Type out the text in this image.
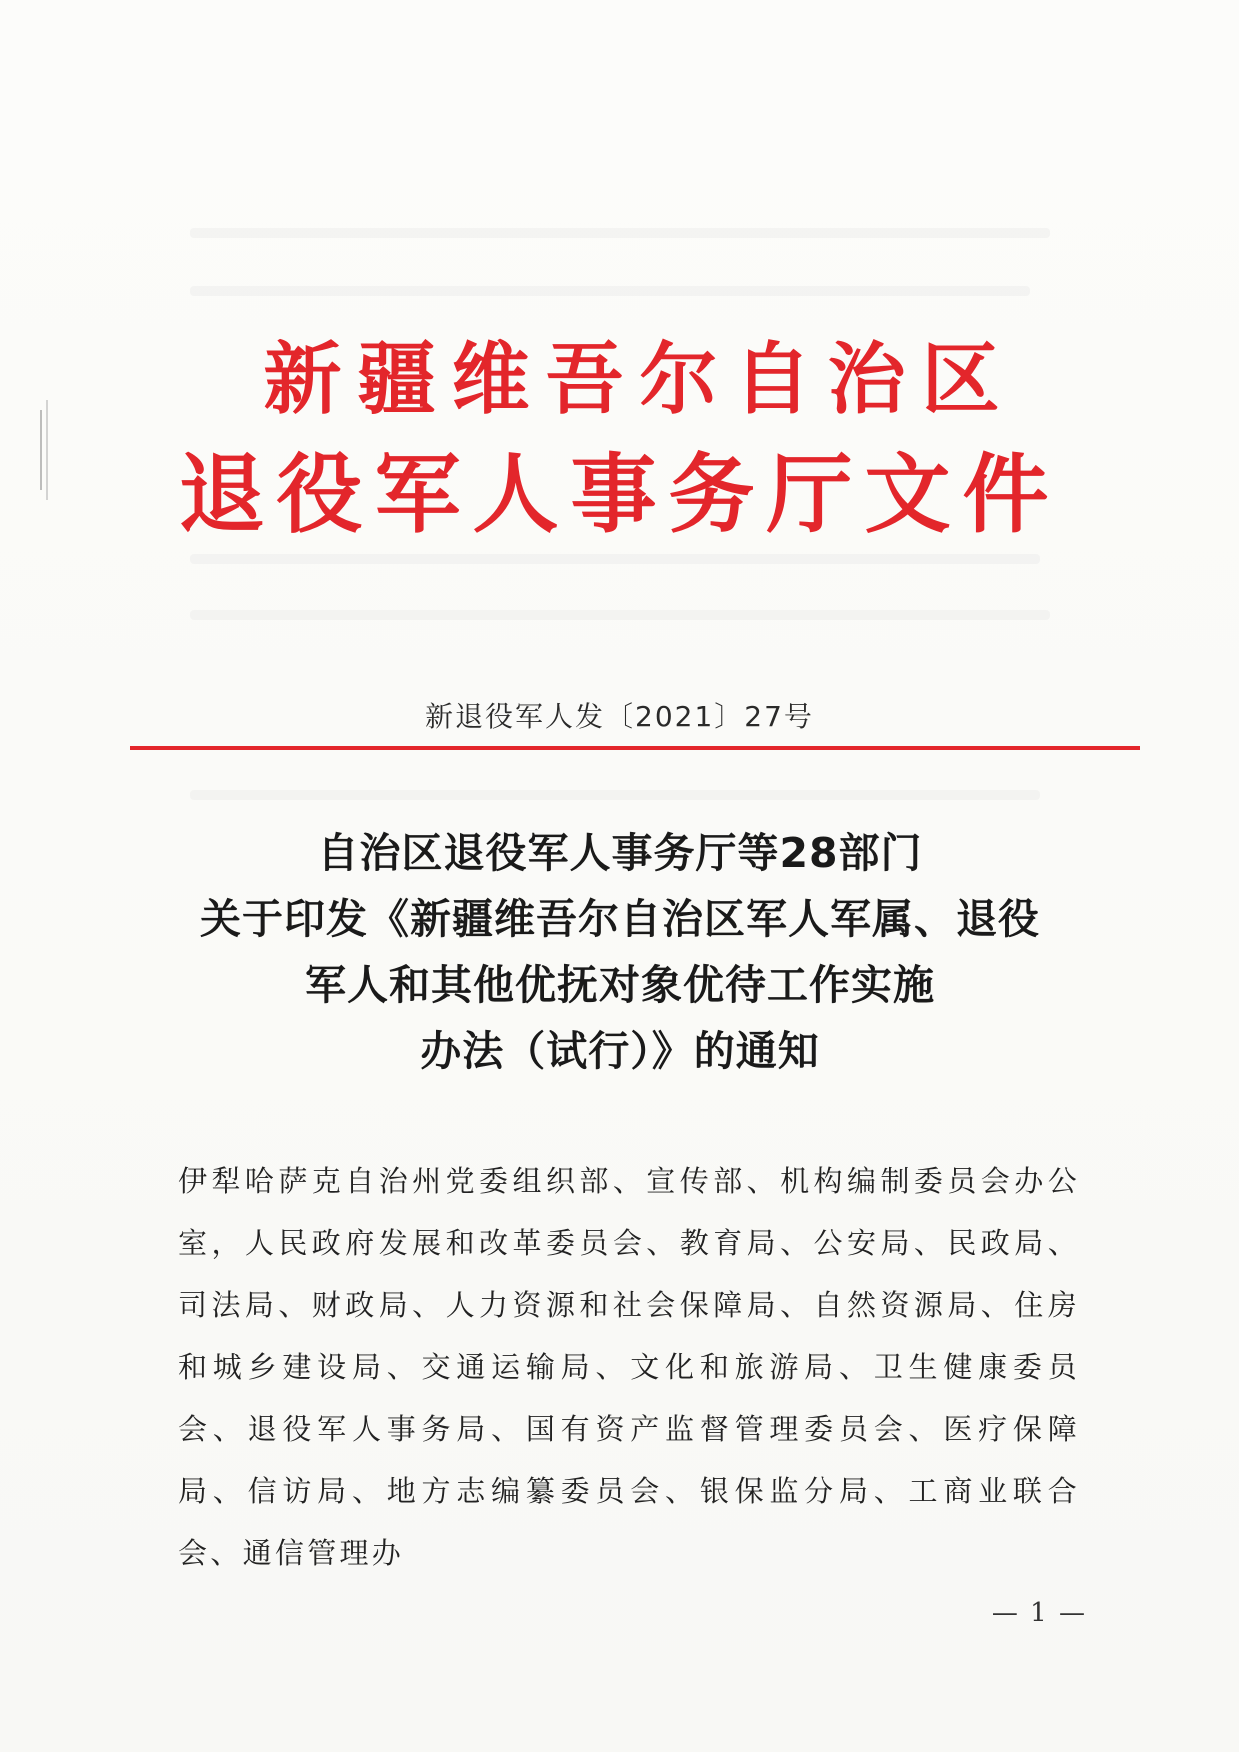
新疆维吾尔自治区
退役军人事务厅文件
新退役军人发〔2021〕27号
自治区退役军人事务厅等28部门
关于印发《新疆维吾尔自治区军人军属、退役
军人和其他优抚对象优待工作实施
办法（试行）》的通知
伊犁哈萨克自治州党委组织部、宣传部、机构编制委员会办公室，人民政府发展和改革委员会、教育局、公安局、民政局、司法局、财政局、人力资源和社会保障局、自然资源局、住房和城乡建设局、交通运输局、文化和旅游局、卫生健康委员会、退役军人事务局、国有资产监督管理委员会、医疗保障局、信访局、地方志编纂委员会、银保监分局、工商业联合会、通信管理办
— 1 —
